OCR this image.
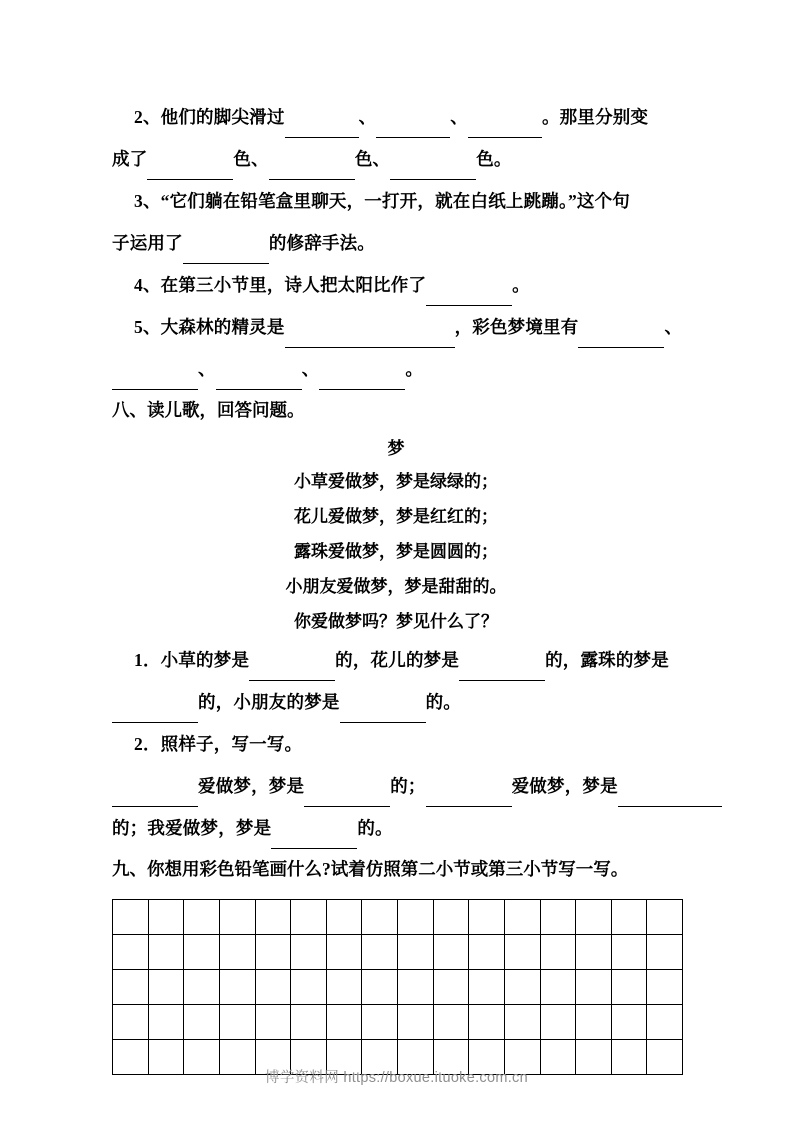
2、他们的脚尖滑过	、	、	。那里分别变
成了	色、	色、	色。
3、“它们躺在铅笔盒里聊天，一打开，就在白纸上跳蹦。”这个句
子运用了	的修辞手法。
4、在第三小节里，诗人把太阳比作了	。
5、大森林的精灵是	，彩色梦境里有	、
、	、	。
八、读儿歌，回答问题。
梦
小草爱做梦，梦是绿绿的；
花儿爱做梦，梦是红红的；
露珠爱做梦，梦是圆圆的；
小朋友爱做梦，梦是甜甜的。
你爱做梦吗？梦见什么了？
1．小草的梦是	的，花儿的梦是	的，露珠的梦是
的，小朋友的梦是	的。
2．照样子，写一写。
爱做梦，梦是	的；	爱做梦，梦是
的；我爱做梦，梦是	的。
九、你想用彩色铅笔画什么?试着仿照第二小节或第三小节写一写。

博学资料网 https://boxue.ituoke.com.cn
